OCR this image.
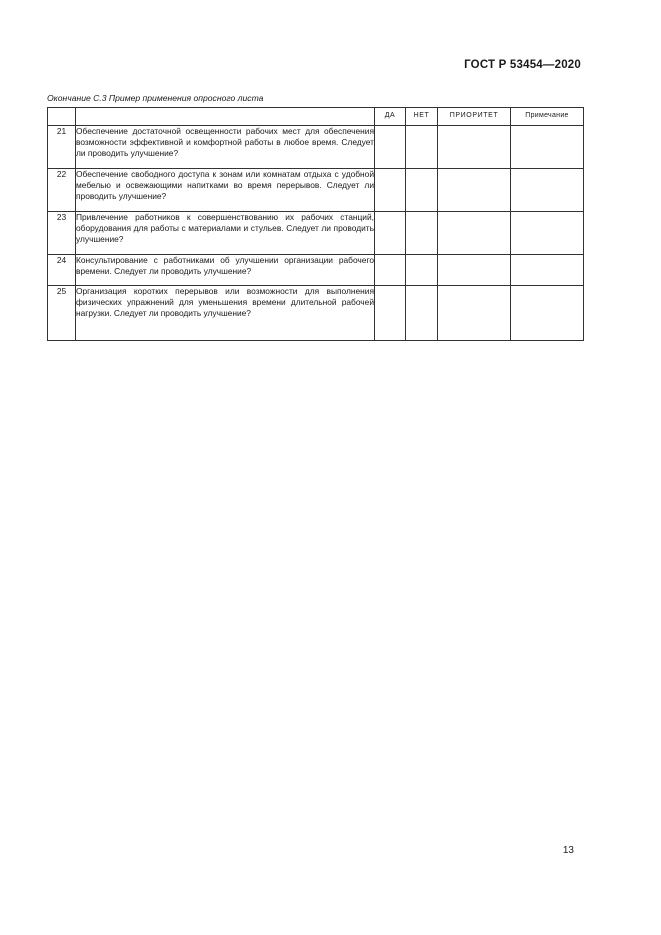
ГОСТ Р 53454—2020
Окончание С.3 Пример применения опросного листа
		ДА	НЕТ	ПРИОРИТЕТ	Примечание
21	Обеспечение достаточной освещенности рабочих мест для обеспечения возможности эффективной и комфортной работы в любое время. Следует ли проводить улучшение?				
22	Обеспечение свободного доступа к зонам или комнатам отдыха с удобной мебелью и освежающими напитками во время перерывов. Следует ли проводить улучшение?				
23	Привлечение работников к совершенствованию их рабочих станций, оборудования для работы с материалами и стульев. Следует ли проводить улучшение?				
24	Консультирование с работниками об улучшении организации рабочего времени. Следует ли проводить улучшение?				
25	Организация коротких перерывов или возможности для выполнения физических упражнений для уменьшения времени длительной рабочей нагрузки. Следует ли проводить улучшение?				
13
